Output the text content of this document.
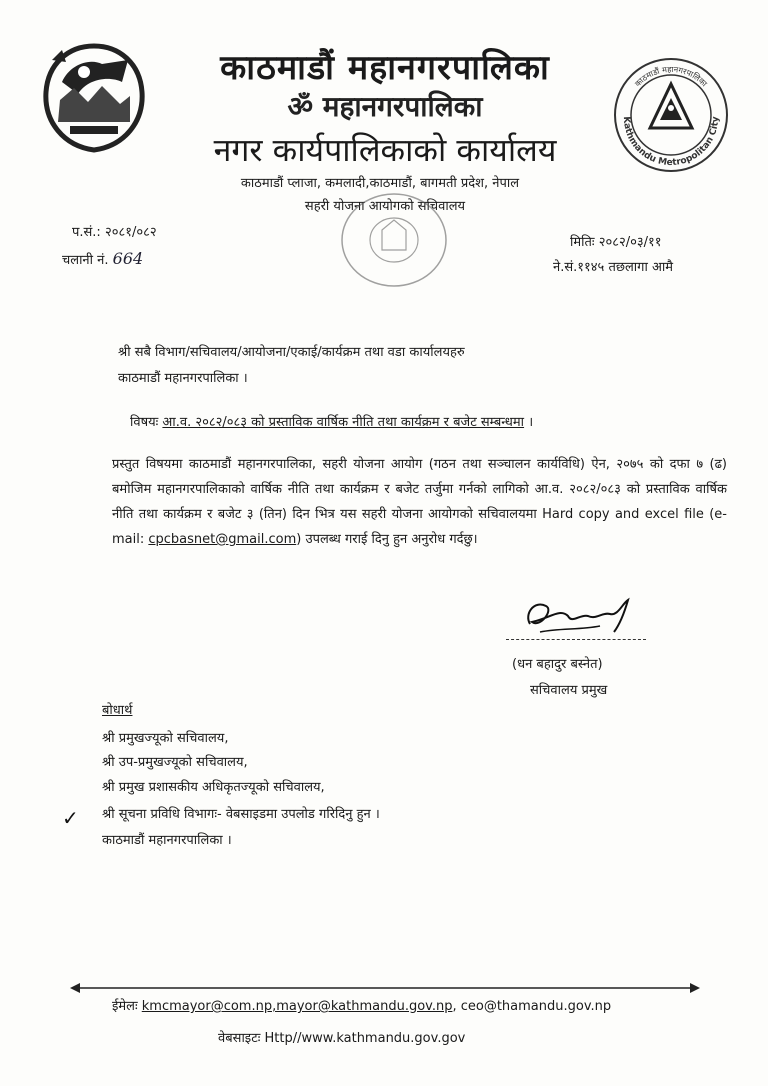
काठमाडौं महानगरपालिका
ॐ महानगरपालिका
नगर कार्यपालिकाको कार्यालय
काठमाडौं प्लाजा, कमलादी,काठमाडौं, बागमती प्रदेश, नेपाल
सहरी योजना आयोगको सचिवालय
काठमाडौं महानगरपालिका
Kathmandu Metropolitan City
प.सं.: २०८१/०८२
चलानी नं. 664
मितिः २०८२/०३/११
ने.सं.११४५ तछलागा आमै
श्री सबै विभाग/सचिवालय/आयोजना/एकाई/कार्यक्रम तथा वडा कार्यालयहरु
काठमाडौं महानगरपालिका ।
विषयः आ.व. २०८२/०८३ को प्रस्ताविक वार्षिक नीति तथा कार्यक्रम र बजेट सम्बन्धमा ।
प्रस्तुत विषयमा काठमाडौं महानगरपालिका, सहरी योजना आयोग (गठन तथा सञ्चालन कार्यविधि) ऐन, २०७५ को दफा ७ (ढ) बमोजिम महानगरपालिकाको वार्षिक नीति तथा कार्यक्रम र बजेट तर्जुमा गर्नको लागिको आ.व. २०८२/०८३ को प्रस्ताविक वार्षिक नीति तथा कार्यक्रम र बजेट ३ (तिन) दिन भित्र यस सहरी योजना आयोगको सचिवालयमा Hard copy and excel file (e-mail: cpcbasnet@gmail.com) उपलब्ध गराई दिनु हुन अनुरोध गर्दछु।
(धन बहादुर बस्नेत)
सचिवालय प्रमुख
बोधार्थ
श्री प्रमुखज्यूको सचिवालय,
श्री उप-प्रमुखज्यूको सचिवालय,
श्री प्रमुख प्रशासकीय अधिकृतज्यूको सचिवालय,
श्री सूचना प्रविधि विभागः- वेबसाइडमा उपलोड गरिदिनु हुन ।
काठमाडौं महानगरपालिका ।
✓
ईमेलः kmcmayor@com.np,mayor@kathmandu.gov.np, ceo@thamandu.gov.np
वेबसाइटः Http//www.kathmandu.gov.gov
